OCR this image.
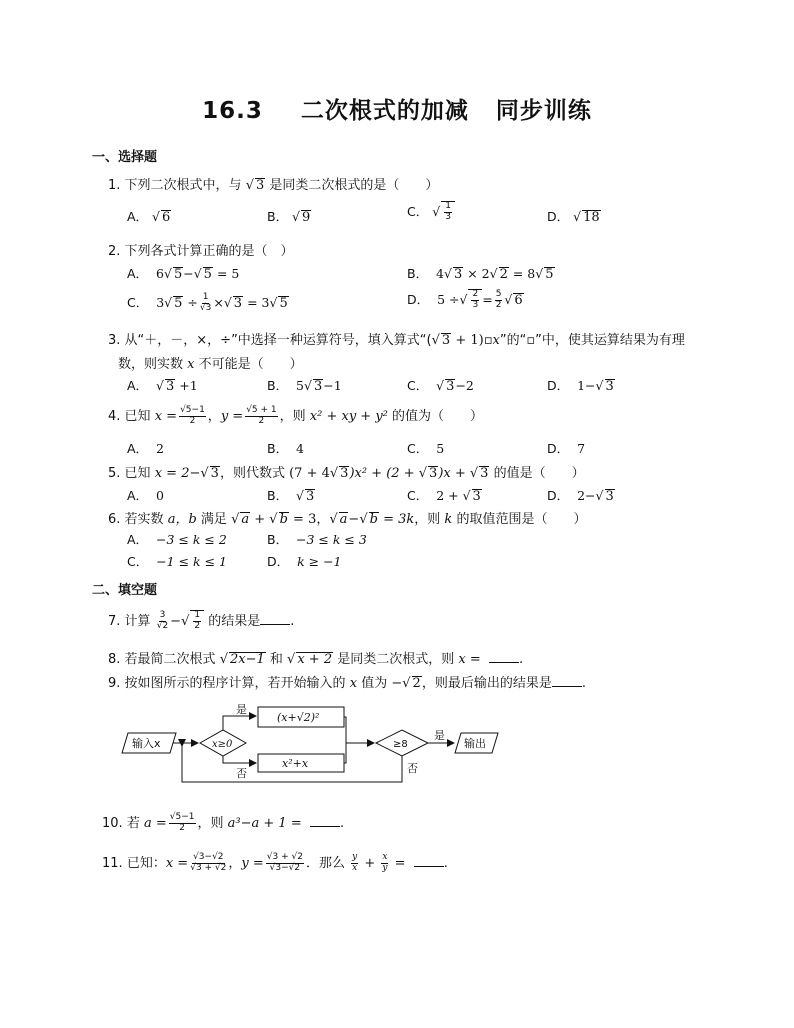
16.3 二次根式的加减 同步训练
一、选择题
1. 下列二次根式中，与 √ 3 是同类二次根式的是（　　）
A． √ 6	B． √ 9	C． √ $\frac{1}{3}$	D． √ 18
2. 下列各式计算正确的是（　）
A． 6√ 5−√ 5 = 5	B． 4√ 3 × 2√ 2 = 8√ 5
C． 3√ $5 \div \frac{1}{√3}$ ×√ 3 = 3√ 5	D． 5 ÷√ $\frac{2}{3} = \frac{5}{2}$ √ 6
3. 从“＋，－，×，÷”中选择一种运算符号，填入算式“(√ 3 + 1)▫x”的“▫”中，使其运算结果为有理
数，则实数 x 不可能是（　　）
A．  √ 3 +1	B． 5√ 3−1	C．  √ 3−2	D． 1−√ 3
4. 已知 $x = \frac{√5-1}{2}$ ，$y = \frac{√5 + 1}{2}$ ，则 x² + xy + y² 的值为（　　）
A． 2	B． 4	C． 5	D． 7
5. 已知 x = 2−√ 3，则代数式 (7 + 4√ 3)x² + (2 + √ 3)x + √ 3 的值是（　　）
A． 0	B．  √ 3	C． 2 + √ 3	D． 2−√ 3
6. 若实数 a，b 满足 √ a + √ b = 3，√ a−√ b = 3k，则 k 的取值范围是（　　）
A． −3 ≤ k ≤ 2	B． −3 ≤ k ≤ 3
C． −1 ≤ k ≤ 1	D． k ≥ −1
二、填空题
7. 计算 $\frac{3}{√2}$ −√ $\frac{1}{2}$ 的结果是 .
8. 若最简二次根式 √ 2x−1 和 √ x + 2 是同类二次根式，则 x =	.
9. 按如图所示的程序计算，若开始输入的 x 值为 −√ 2，则最后输出的结果是 .
输入x	x≥0
是
(x+√2)²
否
x²+x
≥8
是
输出
否
10. 若 $a = \frac{√5-1}{2}$ ，则 a³−a + 1 =	.
11. 已知：$x = \frac{√3-√2}{√3 + √2}$ ，$y = \frac{√3 + √2}{√3-√2}$ ．那么 $\frac{y}{x} + \frac{x}{y}$ =	.
